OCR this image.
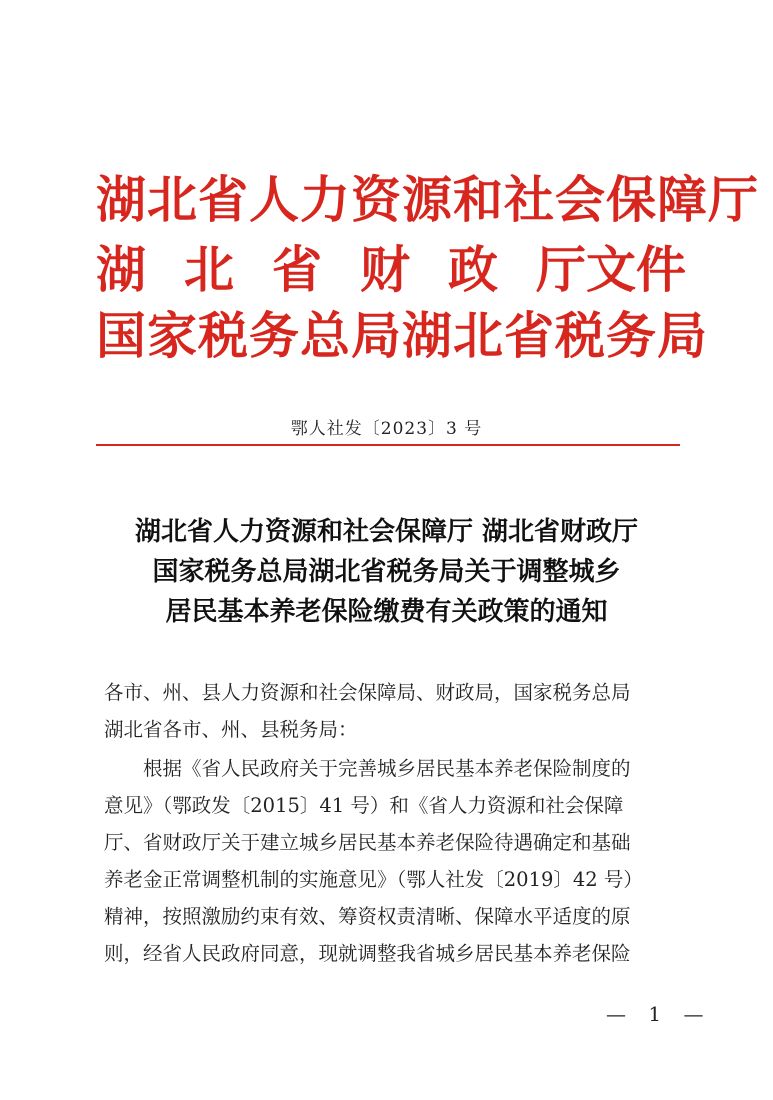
湖北省人力资源和社会保障厅
湖 北 省 财 政 厅文件
国家税务总局湖北省税务局
鄂人社发〔2023〕3 号
湖北省人力资源和社会保障厅 湖北省财政厅
国家税务总局湖北省税务局关于调整城乡
居民基本养老保险缴费有关政策的通知
各市、州、县人力资源和社会保障局、财政局，国家税务总局
湖北省各市、州、县税务局：
　　根据《省人民政府关于完善城乡居民基本养老保险制度的
意见》（鄂政发〔2015〕41 号）和《省人力资源和社会保障
厅、省财政厅关于建立城乡居民基本养老保险待遇确定和基础
养老金正常调整机制的实施意见》（鄂人社发〔2019〕42 号）
精神，按照激励约束有效、筹资权责清晰、保障水平适度的原
则，经省人民政府同意，现就调整我省城乡居民基本养老保险
— 1 —
